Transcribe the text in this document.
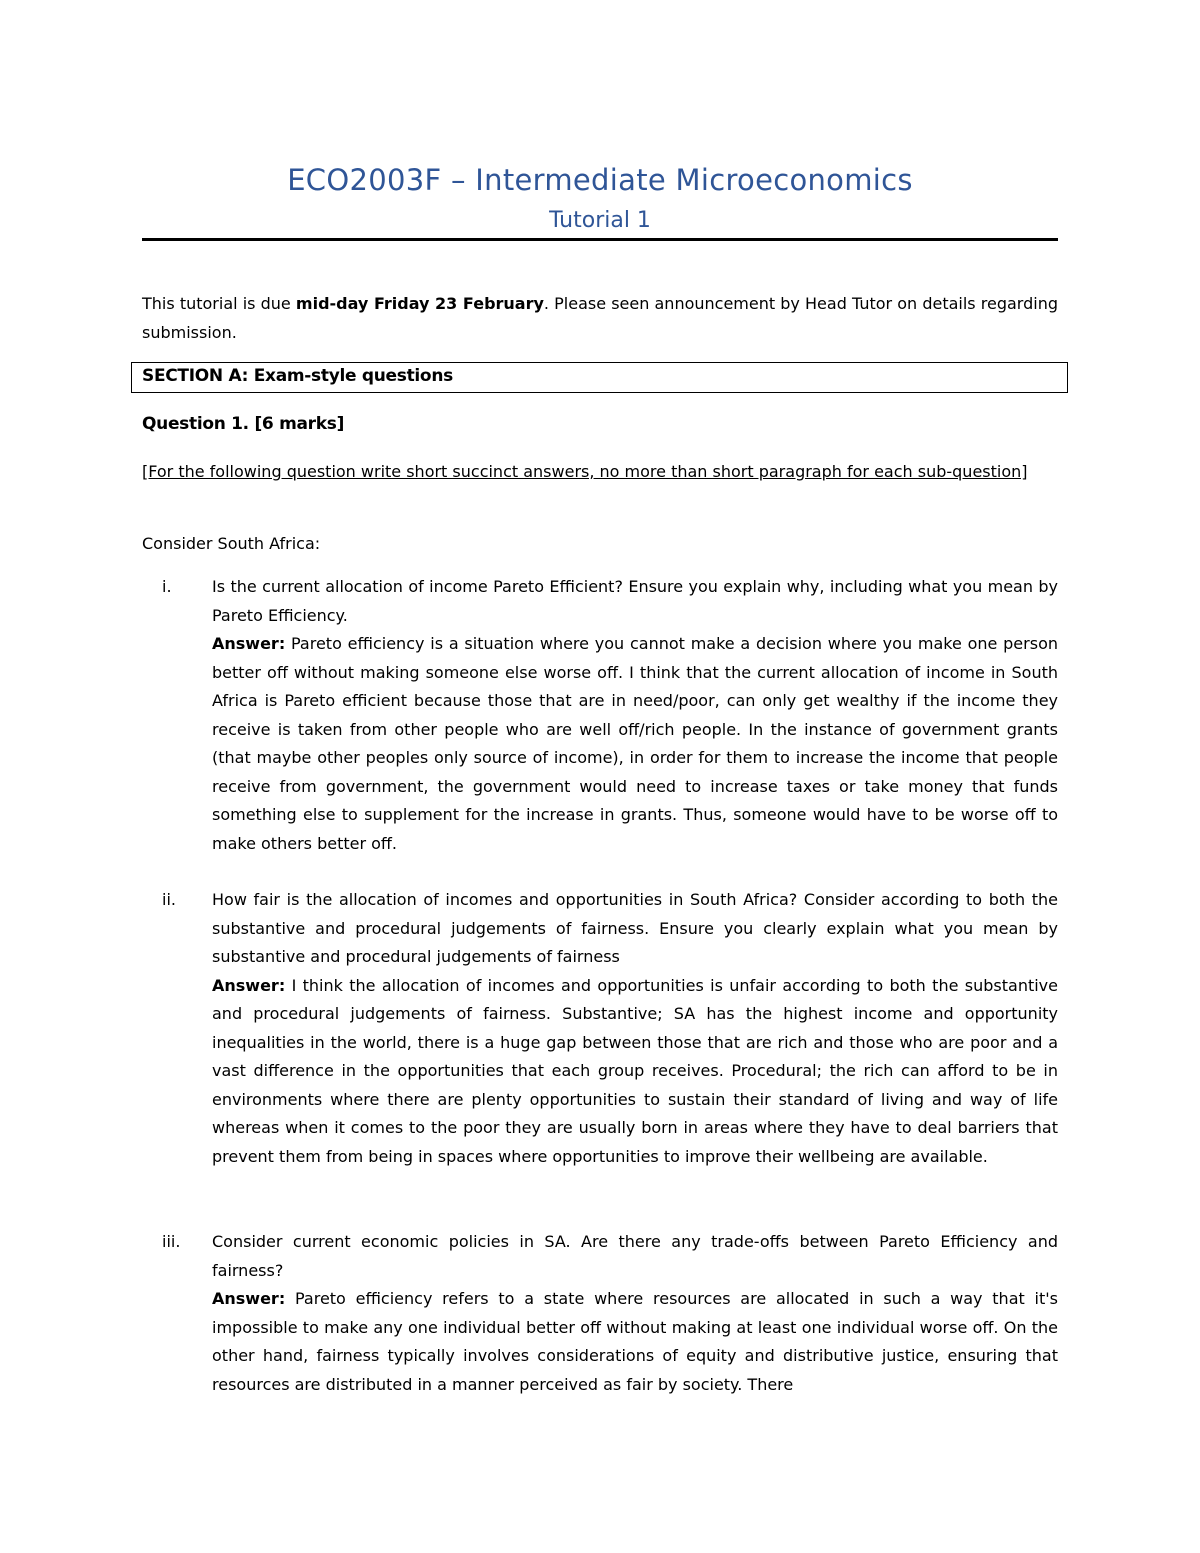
ECO2003F – Intermediate Microeconomics
Tutorial 1
This tutorial is due mid-day Friday 23 February. Please seen announcement by Head Tutor on details regarding submission.
SECTION A: Exam-style questions
Question 1. [6 marks]
[For the following question write short succinct answers, no more than short paragraph for each sub-question]
Consider South Africa:
i.	Is the current allocation of income Pareto Efficient? Ensure you explain why, including what you mean by Pareto Efficiency.
Answer: Pareto efficiency is a situation where you cannot make a decision where you make one person better off without making someone else worse off. I think that the current allocation of income in South Africa is Pareto efficient because those that are in need/poor, can only get wealthy if the income they receive is taken from other people who are well off/rich people. In the instance of government grants (that maybe other peoples only source of income), in order for them to increase the income that people receive from government, the government would need to increase taxes or take money that funds something else to supplement for the increase in grants. Thus, someone would have to be worse off to make others better off.
ii. How fair is the allocation of incomes and opportunities in South Africa? Consider according to both the substantive and procedural judgements of fairness. Ensure you clearly explain what you mean by substantive and procedural judgements of fairness
Answer: I think the allocation of incomes and opportunities is unfair according to both the substantive and procedural judgements of fairness. Substantive; SA has the highest income and opportunity inequalities in the world, there is a huge gap between those that are rich and those who are poor and a vast difference in the opportunities that each group receives. Procedural; the rich can afford to be in environments where there are plenty opportunities to sustain their standard of living and way of life whereas when it comes to the poor they are usually born in areas where they have to deal barriers that prevent them from being in spaces where opportunities to improve their wellbeing are available.
iii. Consider current economic policies in SA. Are there any trade-offs between Pareto Efficiency and fairness?
Answer: Pareto efficiency refers to a state where resources are allocated in such a way that it's impossible to make any one individual better off without making at least one individual worse off. On the other hand, fairness typically involves considerations of equity and distributive justice, ensuring that resources are distributed in a manner perceived as fair by society. There
